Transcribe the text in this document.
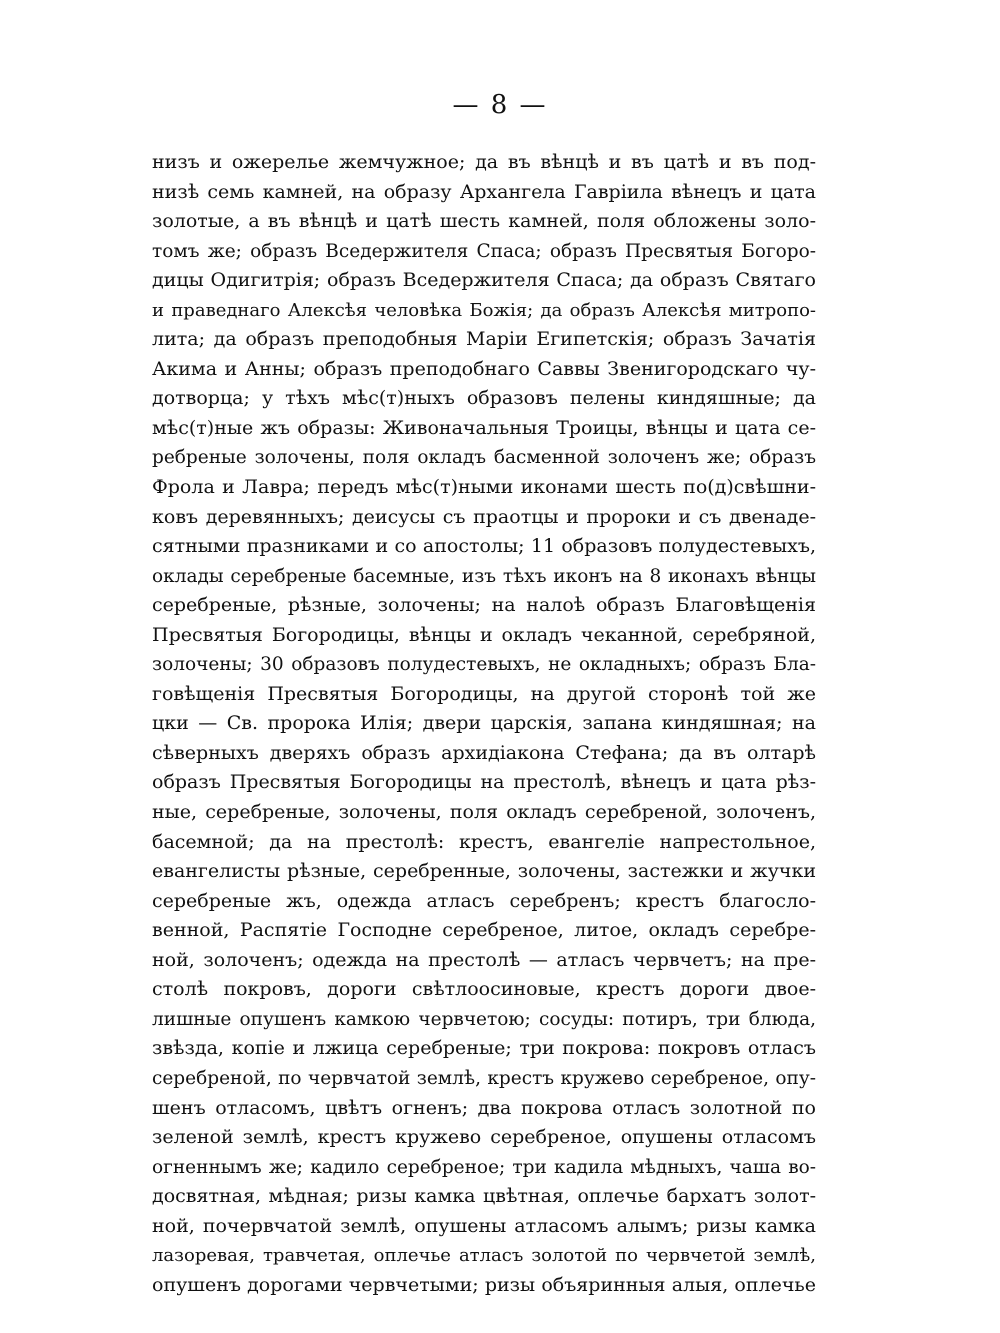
— 8 —
низъ и ожерелье жемчужное; да въ вѣнцѣ и въ цатѣ и въ под-
низѣ семь камней, на образу Архангела Гавріила вѣнецъ и цата
золотые, а въ вѣнцѣ и цатѣ шесть камней, поля обложены золо-
томъ же; образъ Вседержителя Спаса; образъ Пресвятыя Богоро-
дицы Одигитрія; образъ Вседержителя Спаса; да образъ Святаго
и праведнаго Алексѣя человѣка Божія; да образъ Алексѣя митропо-
лита; да образъ преподобныя Маріи Египетскія; образъ Зачатія
Акима и Анны; образъ преподобнаго Саввы Звенигородскаго чу-
дотворца; у тѣхъ мѣс(т)ныхъ образовъ пелены киндяшные; да
мѣс(т)ные жъ образы: Живоначальныя Троицы, вѣнцы и цата се-
ребреные золочены, поля окладъ басменной золоченъ же; образъ
Фрола и Лавра; передъ мѣс(т)ными иконами шесть по(д)свѣшни-
ковъ деревянныхъ; деисусы съ праотцы и пророки и съ двенаде-
сятными празниками и со апостолы; 11 образовъ полудестевыхъ,
оклады серебреные басемные, изъ тѣхъ иконъ на 8 иконахъ вѣнцы
серебреные, рѣзные, золочены; на налоѣ образъ Благовѣщенія
Пресвятыя Богородицы, вѣнцы и окладъ чеканной, серебряной,
золочены; 30 образовъ полудестевыхъ, не окладныхъ; образъ Бла-
говѣщенія Пресвятыя Богородицы, на другой сторонѣ той же
цки — Св. пророка Илія; двери царскія, запана киндяшная; на
сѣверныхъ дверяхъ образъ архидіакона Стефана; да въ олтарѣ
образъ Пресвятыя Богородицы на престолѣ, вѣнецъ и цата рѣз-
ные, серебреные, золочены, поля окладъ серебреной, золоченъ,
басемной; да на престолѣ: крестъ, евангеліе напрестольное,
евангелисты рѣзные, серебренные, золочены, застежки и жучки
серебреные жъ, одежда атласъ серебренъ; крестъ благосло-
венной, Распятіе Господне серебреное, литое, окладъ серебре-
ной, золоченъ; одежда на престолѣ — атласъ червчетъ; на пре-
столѣ покровъ, дороги свѣтлоосиновые, крестъ дороги двое-
лишные опушенъ камкою червчетою; сосуды: потиръ, три блюда,
звѣзда, копіе и лжица серебреные; три покрова: покровъ отласъ
серебреной, по червчатой землѣ, крестъ кружево серебреное, опу-
шенъ отласомъ, цвѣтъ огненъ; два покрова отласъ золотной по
зеленой землѣ, крестъ кружево серебреное, опушены отласомъ
огненнымъ же; кадило серебреное; три кадила мѣдныхъ, чаша во-
досвятная, мѣдная; ризы камка цвѣтная, оплечье бархатъ золот-
ной, почервчатой землѣ, опушены атласомъ алымъ; ризы камка
лазоревая, травчетая, оплечье атласъ золотой по червчетой землѣ,
опушенъ дорогами червчетыми; ризы объяринныя алыя, оплечье
